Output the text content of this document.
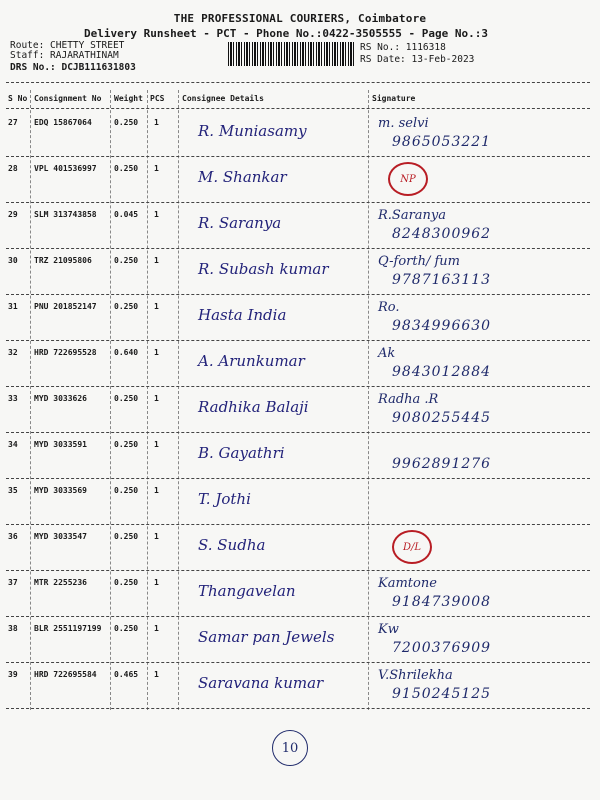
THE PROFESSIONAL COURIERS, Coimbatore
Delivery Runsheet - PCT - Phone No.:0422-3505555 - Page No.:3
Route: CHETTY STREET
Staff: RAJARATHINAM
DRS No.: DCJB111631803
RS No.: 1116318
RS Date: 13-Feb-2023
S No Consignment No Weight PCS Consignee Details	Signature
27 EDQ 15867064	0.250 1	R. Muniasamy	m. selvi
9865053221
28 VPL 401536997 0.250 1	M. Shankar	NP
29 SLM 313743858 0.045 1	R. Saranya	R.Saranya
8248300962
30 TRZ 21095806	0.250 1	R. Subash kumar	Q-forth/ fum
9787163113
31 PNU 201852147 0.250 1	Hasta India	Ro.
9834996630
32 HRD 722695528 0.640 1	A. Arunkumar	Ak
9843012884
33 MYD 3033626	0.250 1	Radhika Balaji	Radha .R
9080255445
34 MYD 3033591	0.250 1	B. Gayathri
9962891276
35 MYD 3033569	0.250 1	T. Jothi
36 MYD 3033547	0.250 1	S. Sudha	D/L
37 MTR 2255236	0.250 1	Thangavelan	Kamtone
9184739008
38 BLR 2551197199 0.250 1	Samar pan Jewels	Kw
7200376909
39 HRD 722695584 0.465 1	Saravana kumar	V.Shrilekha
9150245125
10
